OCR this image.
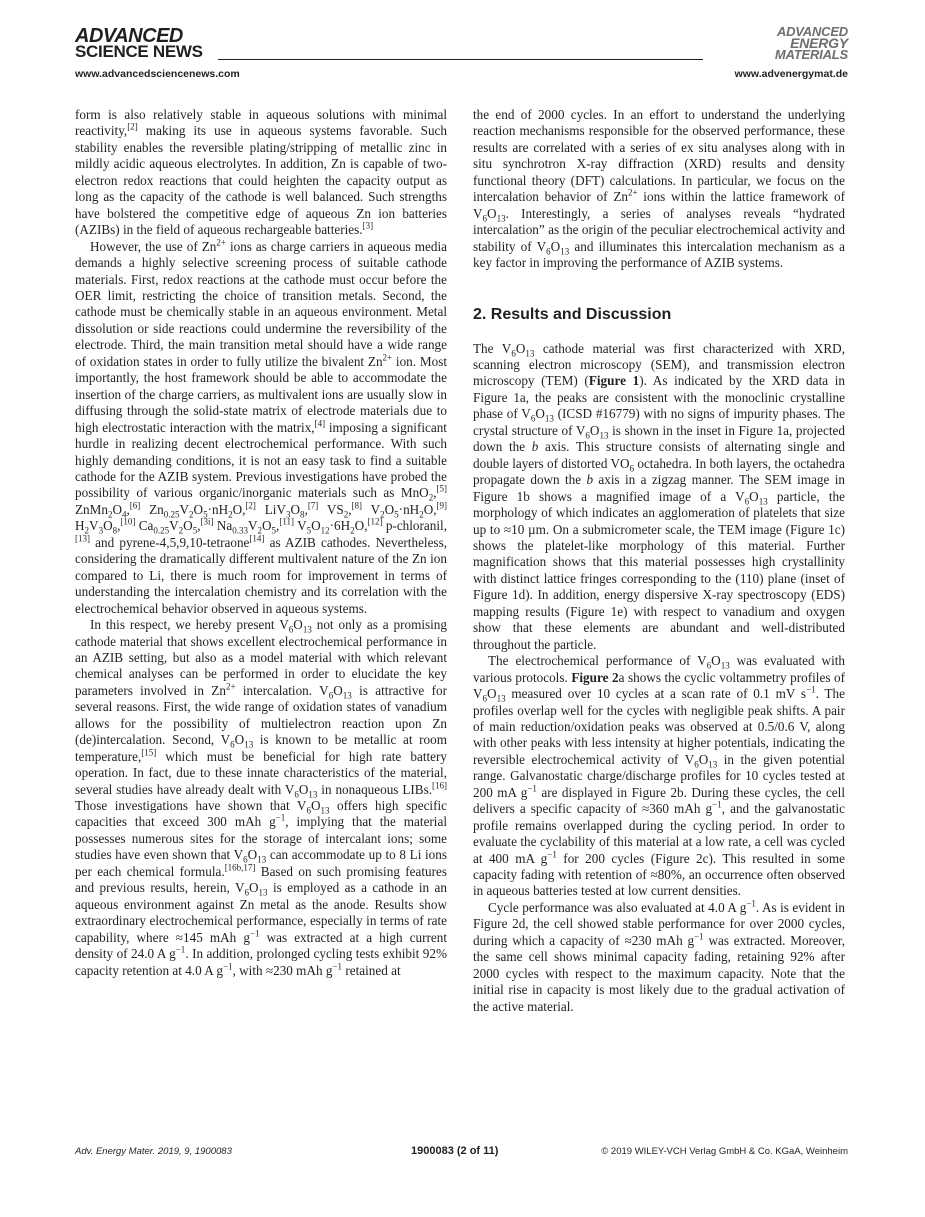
ADVANCED
SCIENCE NEWS
ADVANCED
ENERGY
MATERIALS
www.advancedsciencenews.com	www.advenergymat.de

form is also relatively stable in aqueous solutions with minimal reactivity,[2] making its use in aqueous systems favorable. Such stability enables the reversible plating/stripping of metallic zinc in mildly acidic aqueous electrolytes. In addition, Zn is capable of two-electron redox reactions that could heighten the capacity output as long as the capacity of the cathode is well balanced. Such strengths have bolstered the competitive edge of aqueous Zn ion batteries (AZIBs) in the field of aqueous rechargeable batteries.[3]

However, the use of $Zn^{2+}$ ions as charge carriers in aqueous media demands a highly selective screening process of suitable cathode materials. First, redox reactions at the cathode must occur before the OER limit, restricting the choice of transition metals. Second, the cathode must be chemically stable in an aqueous environment. Metal dissolution or side reactions could undermine the reversibility of the electrode. Third, the main transition metal should have a wide range of oxidation states in order to fully utilize the bivalent $Zn^{2+}$ ion. Most importantly, the host framework should be able to accommodate the insertion of the charge carriers, as multivalent ions are usually slow in diffusing through the solid-state matrix of electrode materials due to high electrostatic interaction with the matrix,[4] imposing a significant hurdle in realizing decent electrochemical performance. With such highly demanding conditions, it is not an easy task to find a suitable cathode for the AZIB system. Previous investigations have probed the possibility of various organic/inorganic materials such as MnO$_2$,[5] $ZnMn_2O_4,[6]$ $Zn_{0.25}V_2O_5\cdot nH_2O,[2]$ $LiV_3O_8,[7]$ $VS_2,[8]$ $V_2O_5\cdot nH_2O,[9]$ $H_2V_3O_8,[10]$ $Ca_{0.25}V_2O_5,[3i]$ $Na_{0.33}V_2O_5,[11]$ $V_5O_{12}\cdot 6H_2O,[12]$ p-chloranil,[13] and pyrene-4,5,9,10-tetraone[14] as AZIB cathodes. Nevertheless, considering the dramatically different multivalent nature of the Zn ion compared to Li, there is much room for improvement in terms of understanding the intercalation chemistry and its correlation with the electrochemical behavior observed in aqueous systems.

In this respect, we hereby present $V_6O_{13}$ not only as a promising cathode material that shows excellent electrochemical performance in an AZIB setting, but also as a model material with which relevant chemical analyses can be performed in order to elucidate the key parameters involved in $Zn^{2+}$ intercalation. $V_6O_{13}$ is attractive for several reasons. First, the wide range of oxidation states of vanadium allows for the possibility of multielectron reaction upon Zn (de)intercalation. Second, $V_6O_{13}$ is known to be metallic at room temperature,[15] which must be beneficial for high rate battery operation. In fact, due to these innate characteristics of the material, several studies have already dealt with $V_6O_{13}$ in nonaqueous LIBs.[16] Those investigations have shown that $V_6O_{13}$ offers high specific capacities that exceed 300 mAh $g^{-1}$, implying that the material possesses numerous sites for the storage of intercalant ions; some studies have even shown that $V_6O_{13}$ can accommodate up to 8 Li ions per each chemical formula.[16b,17] Based on such promising features and previous results, herein, $V_6O_{13}$ is employed as a cathode in an aqueous environment against Zn metal as the anode. Results show extraordinary electrochemical performance, especially in terms of rate capability, where ≈145 mAh $g^{-1}$ was extracted at a high current density of 24.0 A $g^{-1}$. In addition, prolonged cycling tests exhibit 92% capacity retention at 4.0 A $g^{-1}$, with ≈230 mAh $g^{-1}$ retained at

the end of 2000 cycles. In an effort to understand the underlying reaction mechanisms responsible for the observed performance, these results are correlated with a series of ex situ analyses along with in situ synchrotron X-ray diffraction (XRD) results and density functional theory (DFT) calculations. In particular, we focus on the intercalation behavior of $Zn^{2+}$ ions within the lattice framework of $V_6O_{13}$. Interestingly, a series of analyses reveals “hydrated intercalation” as the origin of the peculiar electrochemical activity and stability of $V_6O_{13}$ and illuminates this intercalation mechanism as a key factor in improving the performance of AZIB systems.

2. Results and Discussion

The $V_6O_{13}$ cathode material was first characterized with XRD, scanning electron microscopy (SEM), and transmission electron microscopy (TEM) (Figure 1). As indicated by the XRD data in Figure 1a, the peaks are consistent with the monoclinic crystalline phase of $V_6O_{13}$ (ICSD #16779) with no signs of impurity phases. The crystal structure of $V_6O_{13}$ is shown in the inset in Figure 1a, projected down the b axis. This structure consists of alternating single and double layers of distorted $VO_6$ octahedra. In both layers, the octahedra propagate down the b axis in a zigzag manner. The SEM image in Figure 1b shows a magnified image of a $V_6O_{13}$ particle, the morphology of which indicates an agglomeration of platelets that size up to ≈10 µm. On a submicrometer scale, the TEM image (Figure 1c) shows the platelet-like morphology of this material. Further magnification shows that this material possesses high crystallinity with distinct lattice fringes corresponding to the (110) plane (inset of Figure 1d). In addition, energy dispersive X-ray spectroscopy (EDS) mapping results (Figure 1e) with respect to vanadium and oxygen show that these elements are abundant and well-distributed throughout the particle.

The electrochemical performance of $V_6O_{13}$ was evaluated with various protocols. Figure 2a shows the cyclic voltammetry profiles of $V_6O_{13}$ measured over 10 cycles at a scan rate of 0.1 mV $s^{-1}$. The profiles overlap well for the cycles with negligible peak shifts. A pair of main reduction/oxidation peaks was observed at 0.5/0.6 V, along with other peaks with less intensity at higher potentials, indicating the reversible electrochemical activity of $V_6O_{13}$ in the given potential range. Galvanostatic charge/discharge profiles for 10 cycles tested at 200 mA $g^{-1}$ are displayed in Figure 2b. During these cycles, the cell delivers a specific capacity of ≈360 mAh $g^{-1}$, and the galvanostatic profile remains overlapped during the cycling period. In order to evaluate the cyclability of this material at a low rate, a cell was cycled at 400 mA $g^{-1}$ for 200 cycles (Figure 2c). This resulted in some capacity fading with retention of ≈80%, an occurrence often observed in aqueous batteries tested at low current densities.

Cycle performance was also evaluated at 4.0 A $g^{-1}$. As is evident in Figure 2d, the cell showed stable performance for over 2000 cycles, during which a capacity of ≈230 mAh $g^{-1}$ was extracted. Moreover, the same cell shows minimal capacity fading, retaining 92% after 2000 cycles with respect to the maximum capacity. Note that the initial rise in capacity is most likely due to the gradual activation of the active material.

Adv. Energy Mater. 2019, 9, 1900083	1900083 (2 of 11)	© 2019 WILEY-VCH Verlag GmbH & Co. KGaA, Weinheim
